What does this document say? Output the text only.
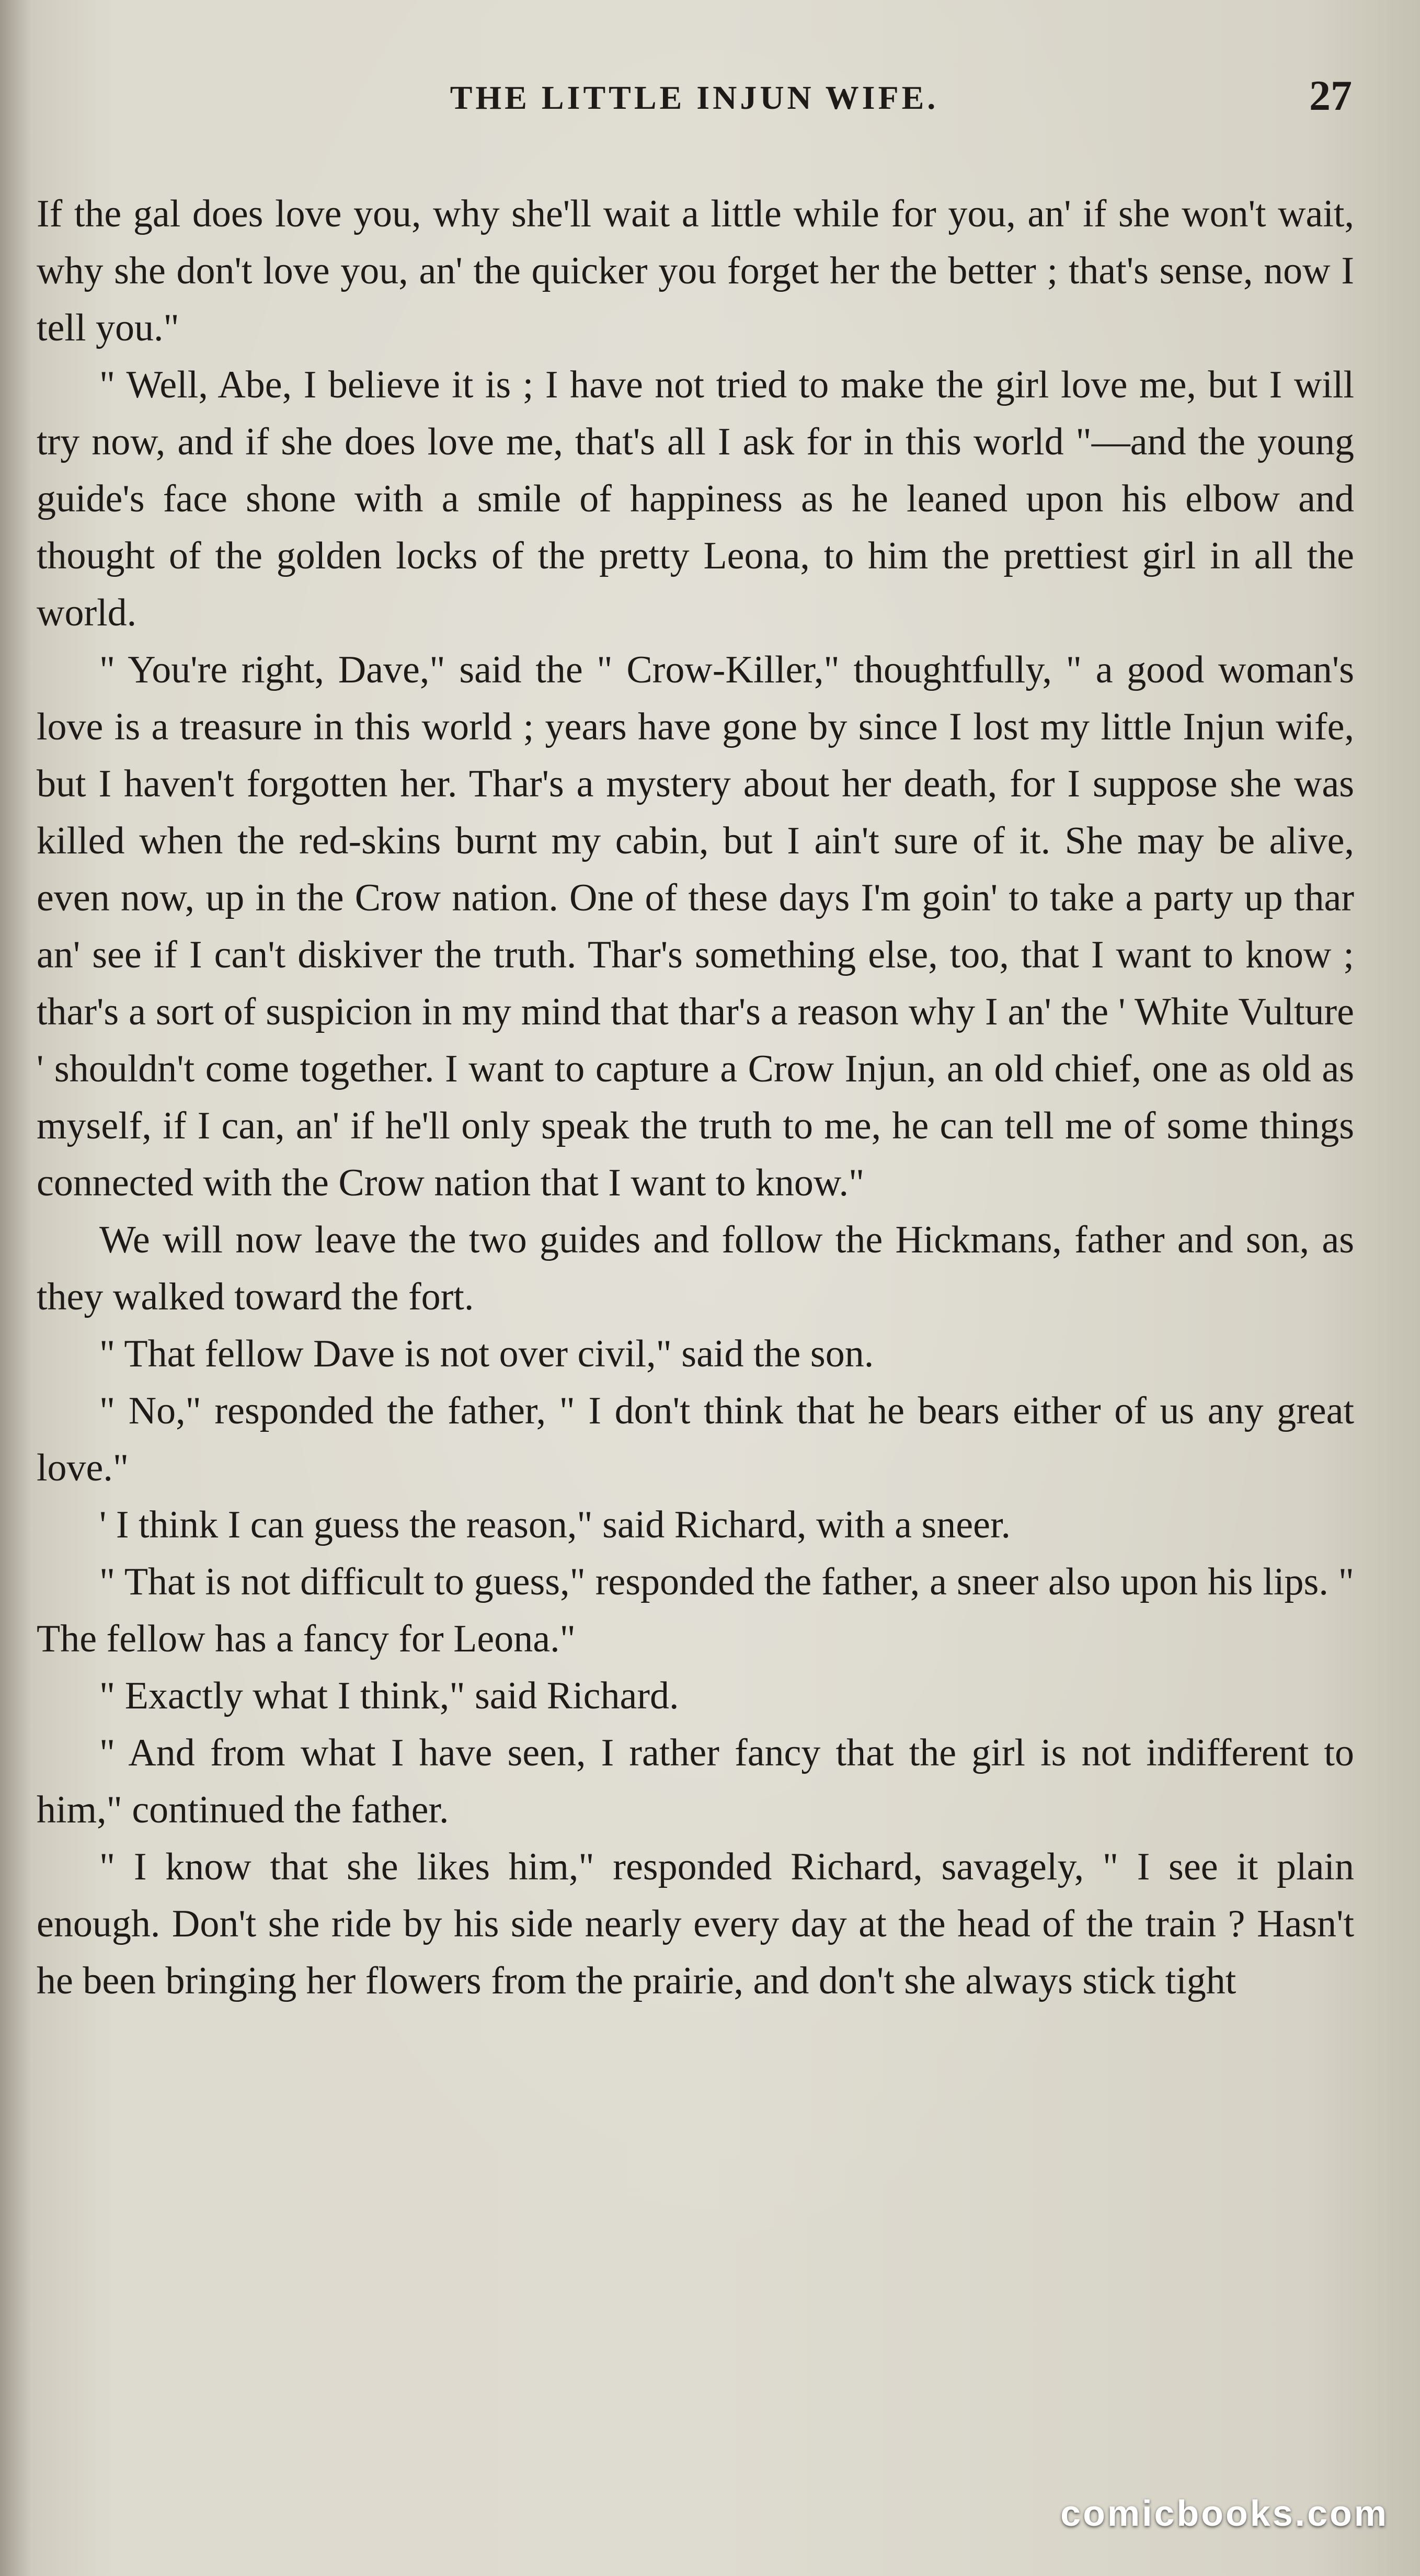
THE LITTLE INJUN WIFE.	27

If the gal does love you, why she'll wait a little while for you, an' if she won't wait, why she don't love you, an' the quicker you forget her the better ; that's sense, now I tell you."

" Well, Abe, I believe it is ; I have not tried to make the girl love me, but I will try now, and if she does love me, that's all I ask for in this world "—and the young guide's face shone with a smile of happiness as he leaned upon his elbow and thought of the golden locks of the pretty Leona, to him the prettiest girl in all the world.

" You're right, Dave," said the " Crow-Killer," thoughtfully, " a good woman's love is a treasure in this world ; years have gone by since I lost my little Injun wife, but I haven't forgotten her. Thar's a mystery about her death, for I suppose she was killed when the red-skins burnt my cabin, but I ain't sure of it. She may be alive, even now, up in the Crow nation. One of these days I'm goin' to take a party up thar an' see if I can't diskiver the truth. Thar's something else, too, that I want to know ; thar's a sort of suspicion in my mind that thar's a reason why I an' the ' White Vulture ' shouldn't come together. I want to capture a Crow Injun, an old chief, one as old as myself, if I can, an' if he'll only speak the truth to me, he can tell me of some things connected with the Crow nation that I want to know."

We will now leave the two guides and follow the Hickmans, father and son, as they walked toward the fort.

" That fellow Dave is not over civil," said the son.

" No," responded the father, " I don't think that he bears either of us any great love."

' I think I can guess the reason," said Richard, with a sneer.

" That is not difficult to guess," responded the father, a sneer also upon his lips. " The fellow has a fancy for Leona."

" Exactly what I think," said Richard.

" And from what I have seen, I rather fancy that the girl is not indifferent to him," continued the father.

" I know that she likes him," responded Richard, savagely, " I see it plain enough. Don't she ride by his side nearly every day at the head of the train ? Hasn't he been bringing her flowers from the prairie, and don't she always stick tight

comicbooks.com
